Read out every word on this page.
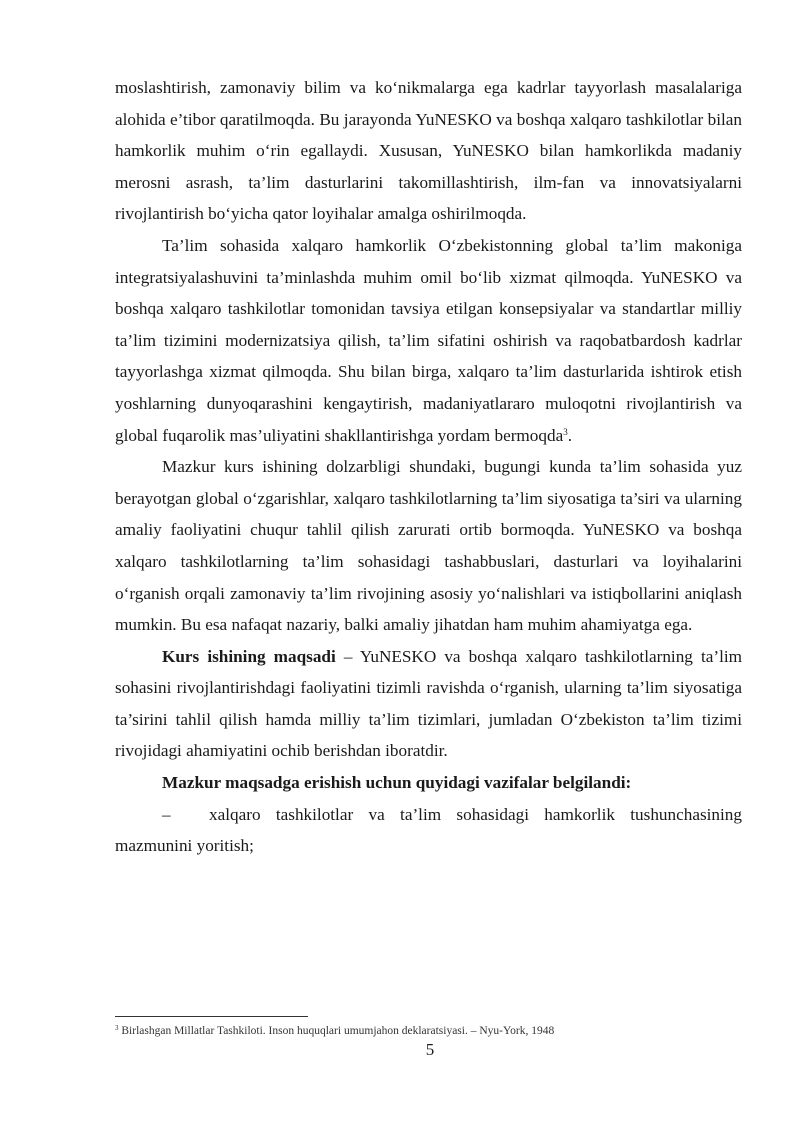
moslashtirish, zamonaviy bilim va ko‘nikmalarga ega kadrlar tayyorlash masalalariga alohida e’tibor qaratilmoqda. Bu jarayonda YuNESKO va boshqa xalqaro tashkilotlar bilan hamkorlik muhim o‘rin egallaydi. Xususan, YuNESKO bilan hamkorlikda madaniy merosni asrash, ta’lim dasturlarini takomillashtirish, ilm-fan va innovatsiyalarni rivojlantirish bo‘yicha qator loyihalar amalga oshirilmoqda.

Ta’lim sohasida xalqaro hamkorlik O‘zbekistonning global ta’lim makoniga integratsiyalashuvini ta’minlashda muhim omil bo‘lib xizmat qilmoqda. YuNESKO va boshqa xalqaro tashkilotlar tomonidan tavsiya etilgan konsepsiyalar va standartlar milliy ta’lim tizimini modernizatsiya qilish, ta’lim sifatini oshirish va raqobatbardosh kadrlar tayyorlashga xizmat qilmoqda. Shu bilan birga, xalqaro ta’lim dasturlarida ishtirok etish yoshlarning dunyoqarashini kengaytirish, madaniyatlararo muloqotni rivojlantirish va global fuqarolik mas’uliyatini shakllantirishga yordam bermoqda$^3$.

Mazkur kurs ishining dolzarbligi shundaki, bugungi kunda ta’lim sohasida yuz berayotgan global o‘zgarishlar, xalqaro tashkilotlarning ta’lim siyosatiga ta’siri va ularning amaliy faoliyatini chuqur tahlil qilish zarurati ortib bormoqda. YuNESKO va boshqa xalqaro tashkilotlarning ta’lim sohasidagi tashabbuslari, dasturlari va loyihalarini o‘rganish orqali zamonaviy ta’lim rivojining asosiy yo‘nalishlari va istiqbollarini aniqlash mumkin. Bu esa nafaqat nazariy, balki amaliy jihatdan ham muhim ahamiyatga ega.

Kurs ishining maqsadi – YuNESKO va boshqa xalqaro tashkilotlarning ta’lim sohasini rivojlantirishdagi faoliyatini tizimli ravishda o‘rganish, ularning ta’lim siyosatiga ta’sirini tahlil qilish hamda milliy ta’lim tizimlari, jumladan O‘zbekiston ta’lim tizimi rivojidagi ahamiyatini ochib berishdan iboratdir.

Mazkur maqsadga erishish uchun quyidagi vazifalar belgilandi:

– xalqaro tashkilotlar va ta’lim sohasidagi hamkorlik tushunchasining mazmunini yoritish;

$^3$ Birlashgan Millatlar Tashkiloti. Inson huquqlari umumjahon deklaratsiyasi. – Nyu-York, 1948
5
